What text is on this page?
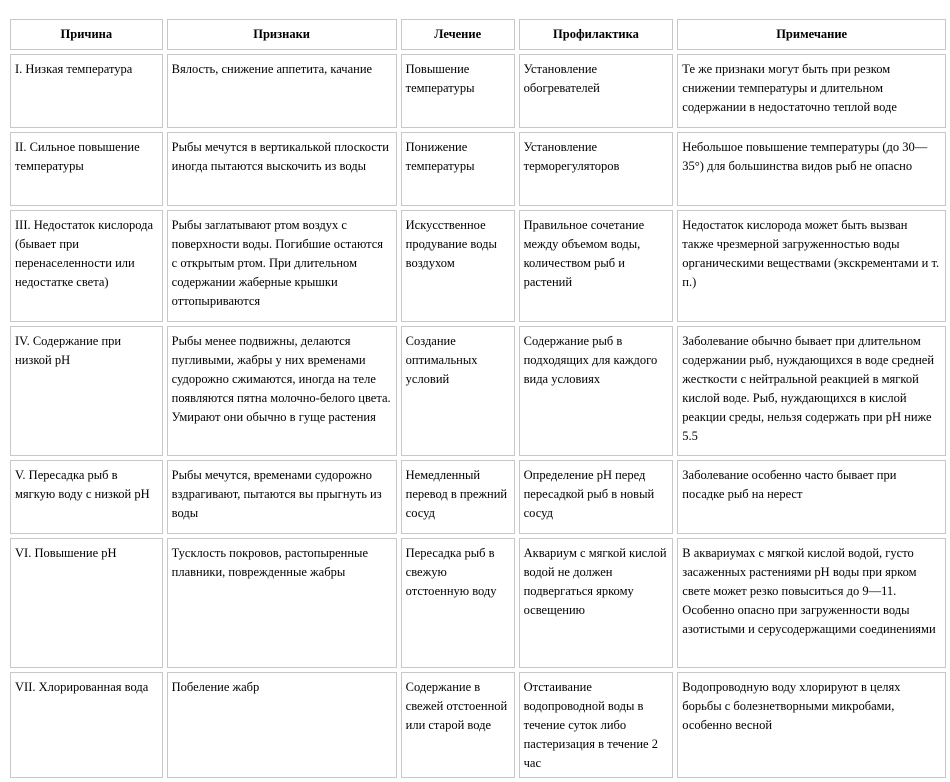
Причина	Признаки	Лечение	Профилактика	Примечание
I. Низкая температура	Вялость, снижение аппетита, качание	Повышение температуры	Установление обогревателей	Те же признаки могут быть при резком снижении температуры и длительном содержании в недостаточно теплой воде
II. Сильное повышение температуры	Рыбы мечутся в вертикалькой плоскости иногда пытаются выскочить из воды	Понижение температуры	Установление терморегуляторов	Небольшое повышение температуры (до 30—35°) для большинства видов рыб не опасно
III. Недостаток кислорода (бывает при перенаселенности или недостатке света)	Рыбы заглатывают ртом воздух с поверхности воды. Погибшие остаются с открытым ртом. При длительном содержании жаберные крышки оттопыриваются	Искусственное продувание воды воздухом	Правильное сочетание между объемом воды, количеством рыб и растений	Недостаток кислорода может быть вызван также чрезмерной загруженностью воды органическими веществами (экскрементами и т. п.)
IV. Содержание при низкой рН	Рыбы менее подвижны, делаются пугливыми, жабры у них временами судорожно сжимаются, иногда на теле появляются пятна молочно-белого цвета. Умирают они обычно в гуще растения	Создание оптимальных условий	Содержание рыб в подходящих для каждого вида условиях	Заболевание обычно бывает при длительном содержании рыб, нуждающихся в воде средней жесткости с нейтральной реакцией в мягкой кислой воде. Рыб, нуждающихся в кислой реакции среды, нельзя содержать при рН ниже 5.5
V. Пересадка рыб в мягкую воду с низкой рН	Рыбы мечутся, временами судорожно вздрагивают, пытаются вы прыгнуть из воды	Немедленный перевод в прежний сосуд	Определение рН перед пересадкой рыб в новый сосуд	Заболевание особенно часто бывает при посадке рыб на нерест
VI. Повышение рН	Тусклость покровов, растопыренные плавники, поврежденные жабры	Пересадка рыб в свежую отстоенную воду	Аквариум с мягкой кислой водой не должен подвергаться яркому освещению	В аквариумах с мягкой кислой водой, густо засаженных растениями рН воды при ярком свете может резко повыситься до 9—11. Особенно опасно при загруженности воды азотистыми и серусодержащими соединениями
VII. Хлорированная вода	Побеление жабр	Содержание в свежей отстоенной или старой воде	Отстаивание водопроводной воды в течение суток либо пастеризация в течение 2 час	Водопроводную воду хлорируют в целях борьбы с болезнетворными микробами, особенно весной
